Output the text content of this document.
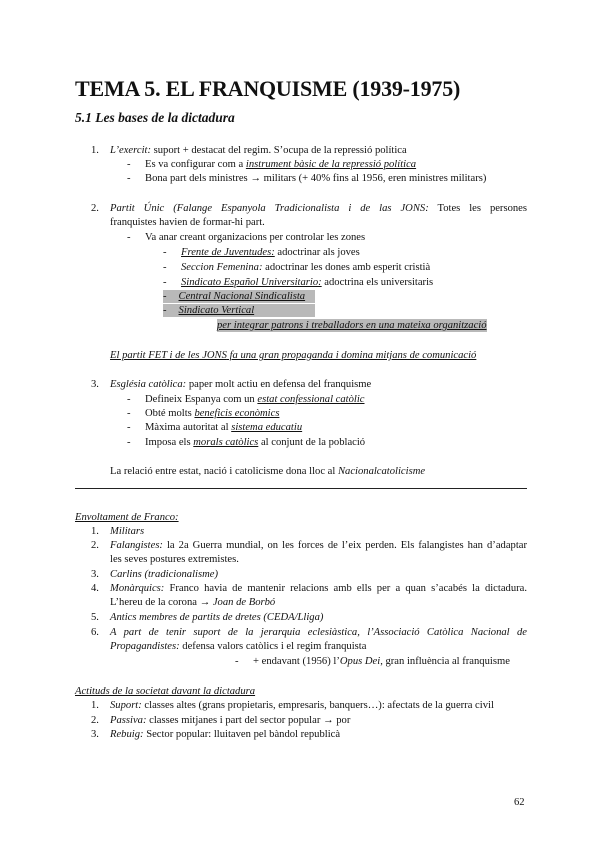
TEMA 5. EL FRANQUISME (1939-1975)
5.1 Les bases de la dictadura
1. L’exercit: suport + destacat del regim. S’ocupa de la repressió política
- Es va configurar com a instrument bàsic de la repressió política
- Bona part dels ministres → militars (+ 40% fins al 1956, eren ministres militars)
2. Partit Únic (Falange Espanyola Tradicionalista i de las JONS: Totes les persones
franquistes havien de formar-hi part.
- Va anar creant organizacions per controlar les zones
- Frente de Juventudes: adoctrinar als joves
- Seccion Femenina: adoctrinar les dones amb esperit cristià
- Sindicato Español Universitario: adoctrina els universitaris
- Central Nacional Sindicalista
- Sindicato Vertical
per integrar patrons i treballadors en una mateixa organització
El partit FET i de les JONS fa una gran propaganda i domina mitjans de comunicació
3. Església catòlica: paper molt actiu en defensa del franquisme
- Defineix Espanya com un estat confessional catòlic
- Obté molts beneficis econòmics
- Màxima autoritat al sistema educatiu
- Imposa els morals catòlics al conjunt de la població
La relació entre estat, nació i catolicisme dona lloc al Nacionalcatolicisme
Envoltament de Franco:
1. Militars
2. Falangistes: la 2a Guerra mundial, on les forces de l’eix perden. Els falangistes han d’adaptar
les seves postures extremistes.
3. Carlins (tradicionalisme)
4. Monàrquics: Franco havia de mantenir relacions amb ells per a quan s’acabés la dictadura.
L’hereu de la corona → Joan de Borbó
5. Antics membres de partits de dretes (CEDA/Lliga)
6. A part de tenir suport de la jerarquia eclesiàstica, l’Associació Catòlica Nacional de
Propagandistes: defensa valors catòlics i el regim franquista
- + endavant (1956) l’Opus Dei, gran influència al franquisme
Actituds de la societat davant la dictadura
1. Suport: classes altes (grans propietaris, empresaris, banquers…): afectats de la guerra civil
2. Passiva: classes mitjanes i part del sector popular → por
3. Rebuig: Sector popular: lluitaven pel bàndol republicà
62
